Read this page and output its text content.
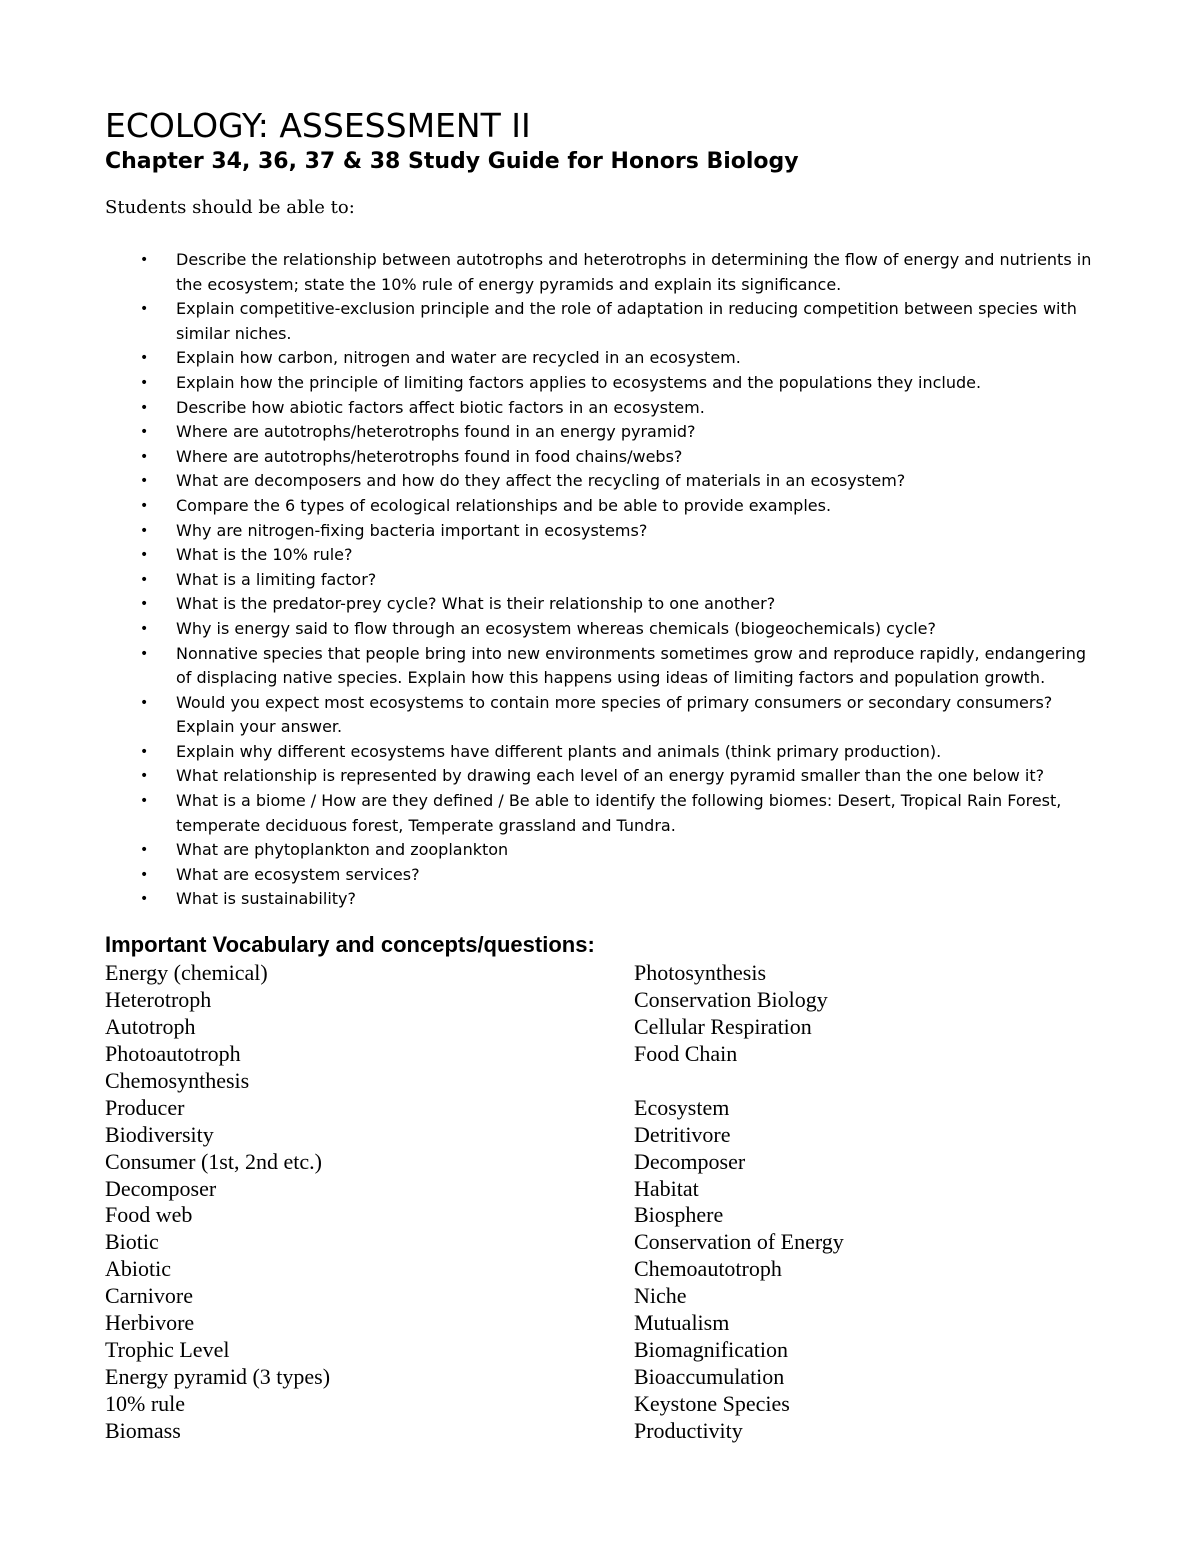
ECOLOGY: ASSESSMENT II
Chapter 34, 36, 37 & 38 Study Guide for Honors Biology

Students should be able to:

• Describe the relationship between autotrophs and heterotrophs in determining the flow of energy and nutrients in the ecosystem; state the 10% rule of energy pyramids and explain its significance.
• Explain competitive-exclusion principle and the role of adaptation in reducing competition between species with similar niches.
• Explain how carbon, nitrogen and water are recycled in an ecosystem.
• Explain how the principle of limiting factors applies to ecosystems and the populations they include.
• Describe how abiotic factors affect biotic factors in an ecosystem.
• Where are autotrophs/heterotrophs found in an energy pyramid?
• Where are autotrophs/heterotrophs found in food chains/webs?
• What are decomposers and how do they affect the recycling of materials in an ecosystem?
• Compare the 6 types of ecological relationships and be able to provide examples.
• Why are nitrogen-fixing bacteria important in ecosystems?
• What is the 10% rule?
• What is a limiting factor?
• What is the predator-prey cycle? What is their relationship to one another?
• Why is energy said to flow through an ecosystem whereas chemicals (biogeochemicals) cycle?
• Nonnative species that people bring into new environments sometimes grow and reproduce rapidly, endangering of displacing native species. Explain how this happens using ideas of limiting factors and population growth.
• Would you expect most ecosystems to contain more species of primary consumers or secondary consumers? Explain your answer.
• Explain why different ecosystems have different plants and animals (think primary production).
• What relationship is represented by drawing each level of an energy pyramid smaller than the one below it?
• What is a biome / How are they defined / Be able to identify the following biomes: Desert, Tropical Rain Forest, temperate deciduous forest, Temperate grassland and Tundra.
• What are phytoplankton and zooplankton
• What are ecosystem services?
• What is sustainability?
Important Vocabulary and concepts/questions:
Energy (chemical)
Heterotroph
Autotroph
Photoautotroph
Chemosynthesis
Producer
Biodiversity
Consumer (1st, 2nd etc.)
Decomposer
Food web
Biotic
Abiotic
Carnivore
Herbivore
Trophic Level
Energy pyramid (3 types)
10% rule
Biomass
Photosynthesis
Conservation Biology
Cellular Respiration
Food Chain
Ecosystem
Detritivore
Decomposer
Habitat
Biosphere
Conservation of Energy
Chemoautotroph
Niche
Mutualism
Biomagnification
Bioaccumulation
Keystone Species
Productivity
